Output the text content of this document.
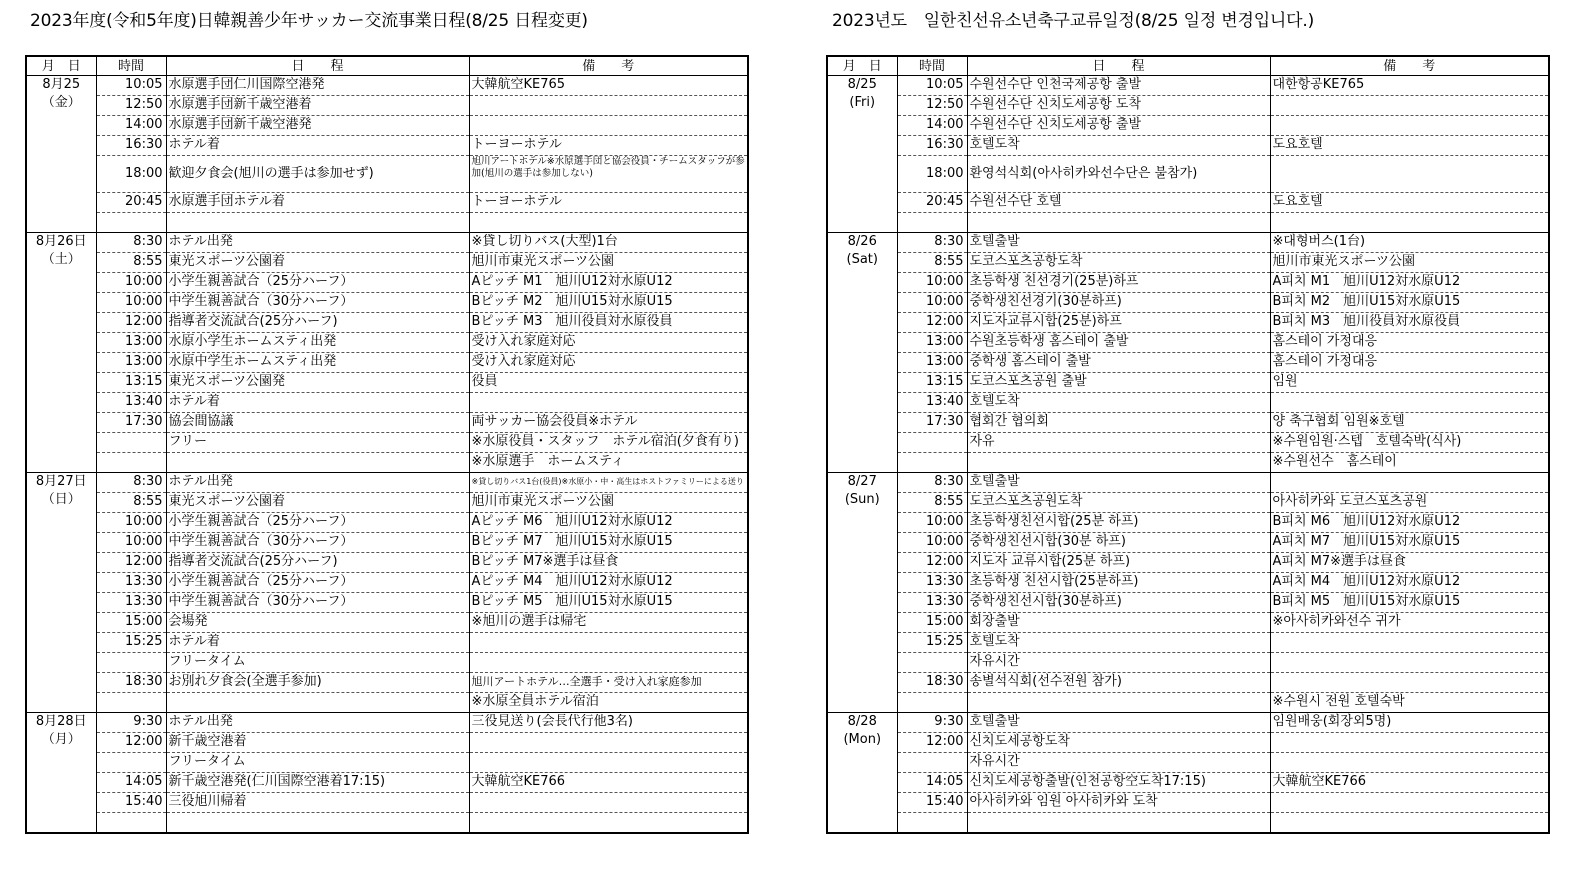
2023年度(令和5年度)日韓親善少年サッカー交流事業日程(8/25 日程変更)	2023년도　일한친선유소년축구교류일정(8/25 일정 변경입니다.)
月　日	時間	日　　程	備　　考

8月25
（金）	10:05	水原選手団仁川国際空港発	大韓航空KE765
	12:50	水原選手団新千歳空港着	
	14:00	水原選手団新千歳空港発	
	16:30	ホテル着	トーヨーホテル
	18:00	歓迎夕食会(旭川の選手は参加せず)	旭川アートホテル※水原選手団と協会役員・チームスタッフが参加(旭川の選手は参加しない)

	20:45	水原選手団ホテル着	トーヨーホテル

8月26日
（土）	8:30	ホテル出発	※貸し切りバス(大型)1台
	8:55	東光スポーツ公園着	旭川市東光スポーツ公園
	10:00	小学生親善試合（25分ハーフ）	Aピッチ M1　旭川U12対水原U12
	10:00	中学生親善試合（30分ハーフ）	Bピッチ M2　旭川U15対水原U15
	12:00	指導者交流試合(25分ハーフ)	Bピッチ M3　旭川役員対水原役員
	13:00	水原小学生ホームスティ出発	受け入れ家庭対応
	13:00	水原中学生ホームスティ出発	受け入れ家庭対応
	13:15	東光スポーツ公園発	役員
	13:40	ホテル着	
	17:30	協会間協議	両サッカー協会役員※ホテル
		フリー	※水原役員・スタッフ　ホテル宿泊(夕食有り)
			※水原選手　ホームスティ

8月27日
（日）	8:30	ホテル出発	※貸し切りバス1台(役員)※水原小・中・高生はホストファミリーによる送り
	8:55	東光スポーツ公園着	旭川市東光スポーツ公園
	10:00	小学生親善試合（25分ハーフ）	Aピッチ M6　旭川U12対水原U12
	10:00	中学生親善試合（30分ハーフ）	Bピッチ M7　旭川U15対水原U15
	12:00	指導者交流試合(25分ハーフ)	Bピッチ M7※選手は昼食
	13:30	小学生親善試合（25分ハーフ）	Aピッチ M4　旭川U12対水原U12
	13:30	中学生親善試合（30分ハーフ）	Bピッチ M5　旭川U15対水原U15
	15:00	会場発	※旭川の選手は帰宅
	15:25	ホテル着	
		フリータイム	
	18:30	お別れ夕食会(全選手参加)	旭川アートホテル…全選手・受け入れ家庭参加
			※水原全員ホテル宿泊

8月28日
（月）	9:30	ホテル出発	三役見送り(会長代行他3名)
	12:00	新千歳空港着	
		フリータイム	
	14:05	新千歳空港発(仁川国際空港着17:15)	大韓航空KE766
	15:40	三役旭川帰着	

月　日	時間	日　　程	備　　考

8/25
(Fri)	10:05	수원선수단 인천국제공항 출발	대한항공KE765
	12:50	수원선수단 신치도세공항 도착	
	14:00	수원선수단 신치도세공항 출발	
	16:30	호텔도착	도요호텔
	18:00	환영석식회(아사히카와선수단은 불참가)	
	20:45	수원선수단 호텔	도요호텔

8/26
(Sat)	8:30	호텔출발	※대형버스(1台)
	8:55	도코스포츠공항도착	旭川市東光スポーツ公園
	10:00	초등학생 친선경기(25분)하프	A피치 M1　旭川U12対水原U12
	10:00	중학생친선경기(30분하프)	B피치 M2　旭川U15対水原U15
	12:00	지도자교류시합(25분)하프	B피치 M3　旭川役員対水原役員
	13:00	수원초등학생 홈스테이 출발	홈스테이 가정대응
	13:00	중학생 홈스테이 출발	홈스테이 가정대응
	13:15	도코스포츠공원 출발	임원
	13:40	호텔도착	
	17:30	협회간 협의회	양 축구협회 임원※호텔
		자유	※수원임원·스텝　호텔숙박(식사)
			※수원선수　홈스테이

8/27
(Sun)	8:30	호텔출발	
	8:55	도코스포츠공원도착	아사히카와 도코스포츠공원
	10:00	초등학생친선시합(25분 하프)	B피치 M6　旭川U12対水原U12
	10:00	중학생친선시합(30분 하프)	A피치 M7　旭川U15対水原U15
	12:00	지도자 교류시합(25분 하프)	A피치 M7※選手は昼食
	13:30	초등학생 친선시합(25분하프)	A피치 M4　旭川U12対水原U12
	13:30	중학생친선시합(30분하프)	B피치 M5　旭川U15対水原U15
	15:00	회장출발	※아사히카와선수 귀가
	15:25	호텔도착	
		자유시간	
	18:30	송별석식회(선수전원 참가)	
			※수원시 전원 호텔숙박

8/28
(Mon)	9:30	호텔출발	임원배웅(회장외5명)
	12:00	신치도세공항도착	
		자유시간	
	14:05	신치도세공항출발(인천공항空도착17:15)	大韓航空KE766
	15:40	아사히카와 임원 아사히카와 도착	
